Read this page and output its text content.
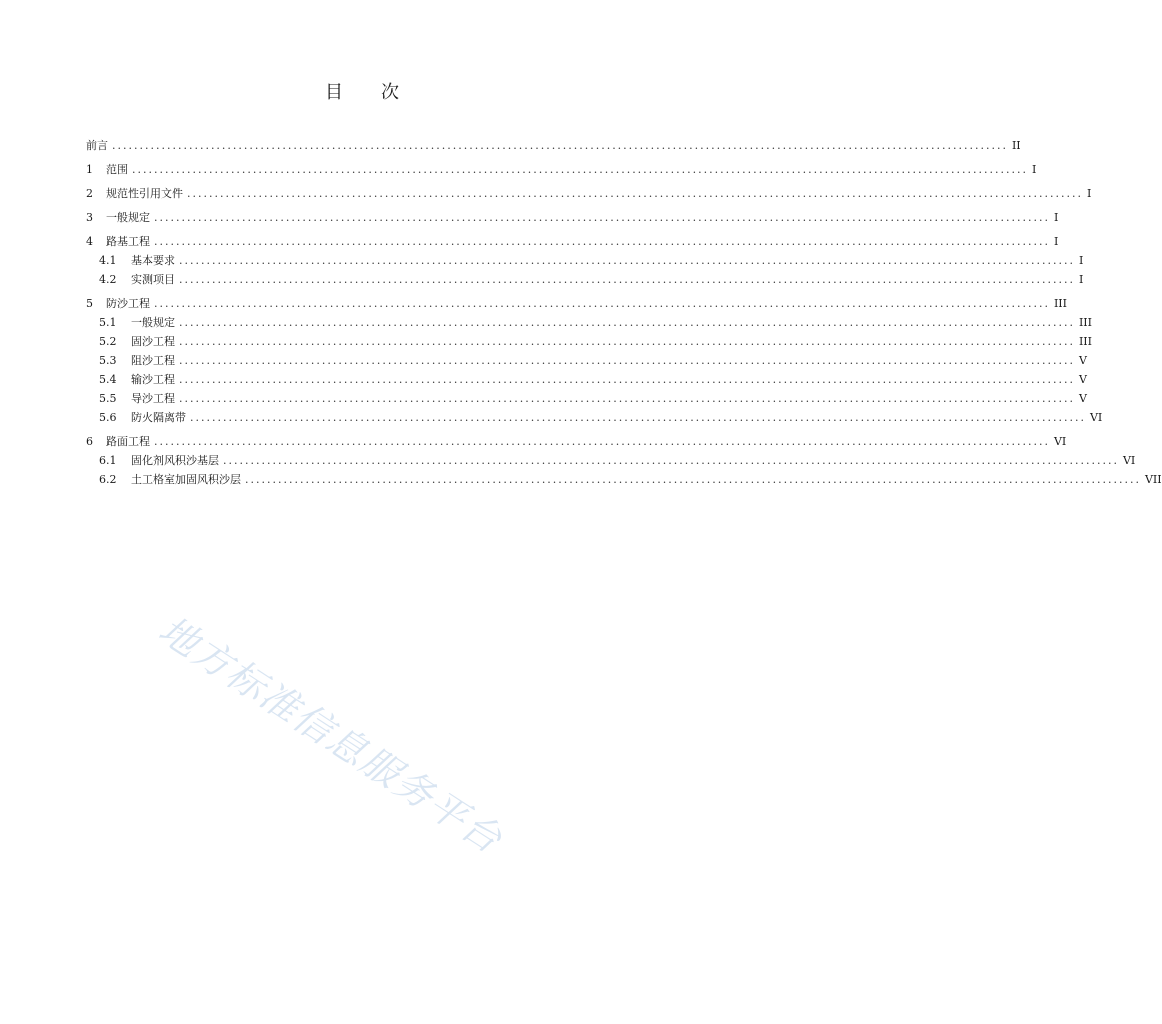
目 次
前言 ................................................................................................................................................................... II
1	范围 ................................................................................................................................................................... I
2	规范性引用文件 ................................................................................................................................................................... I
3	一般规定 ................................................................................................................................................................... I
4	路基工程 ................................................................................................................................................................... I
4.1	基本要求 ................................................................................................................................................................... I
4.2	实测项目 ................................................................................................................................................................... I
5	防沙工程 ................................................................................................................................................................... III
5.1	一般规定 ................................................................................................................................................................... III
5.2	固沙工程 ................................................................................................................................................................... III
5.3	阻沙工程 ................................................................................................................................................................... V
5.4	输沙工程 ................................................................................................................................................................... V
5.5	导沙工程 ................................................................................................................................................................... V
5.6	防火隔离带 ................................................................................................................................................................... VI
6	路面工程 ................................................................................................................................................................... VI
6.1	固化剂风积沙基层 ................................................................................................................................................................... VI
6.2	土工格室加固风积沙层 ................................................................................................................................................................... VII
地方标准信息服务平台
